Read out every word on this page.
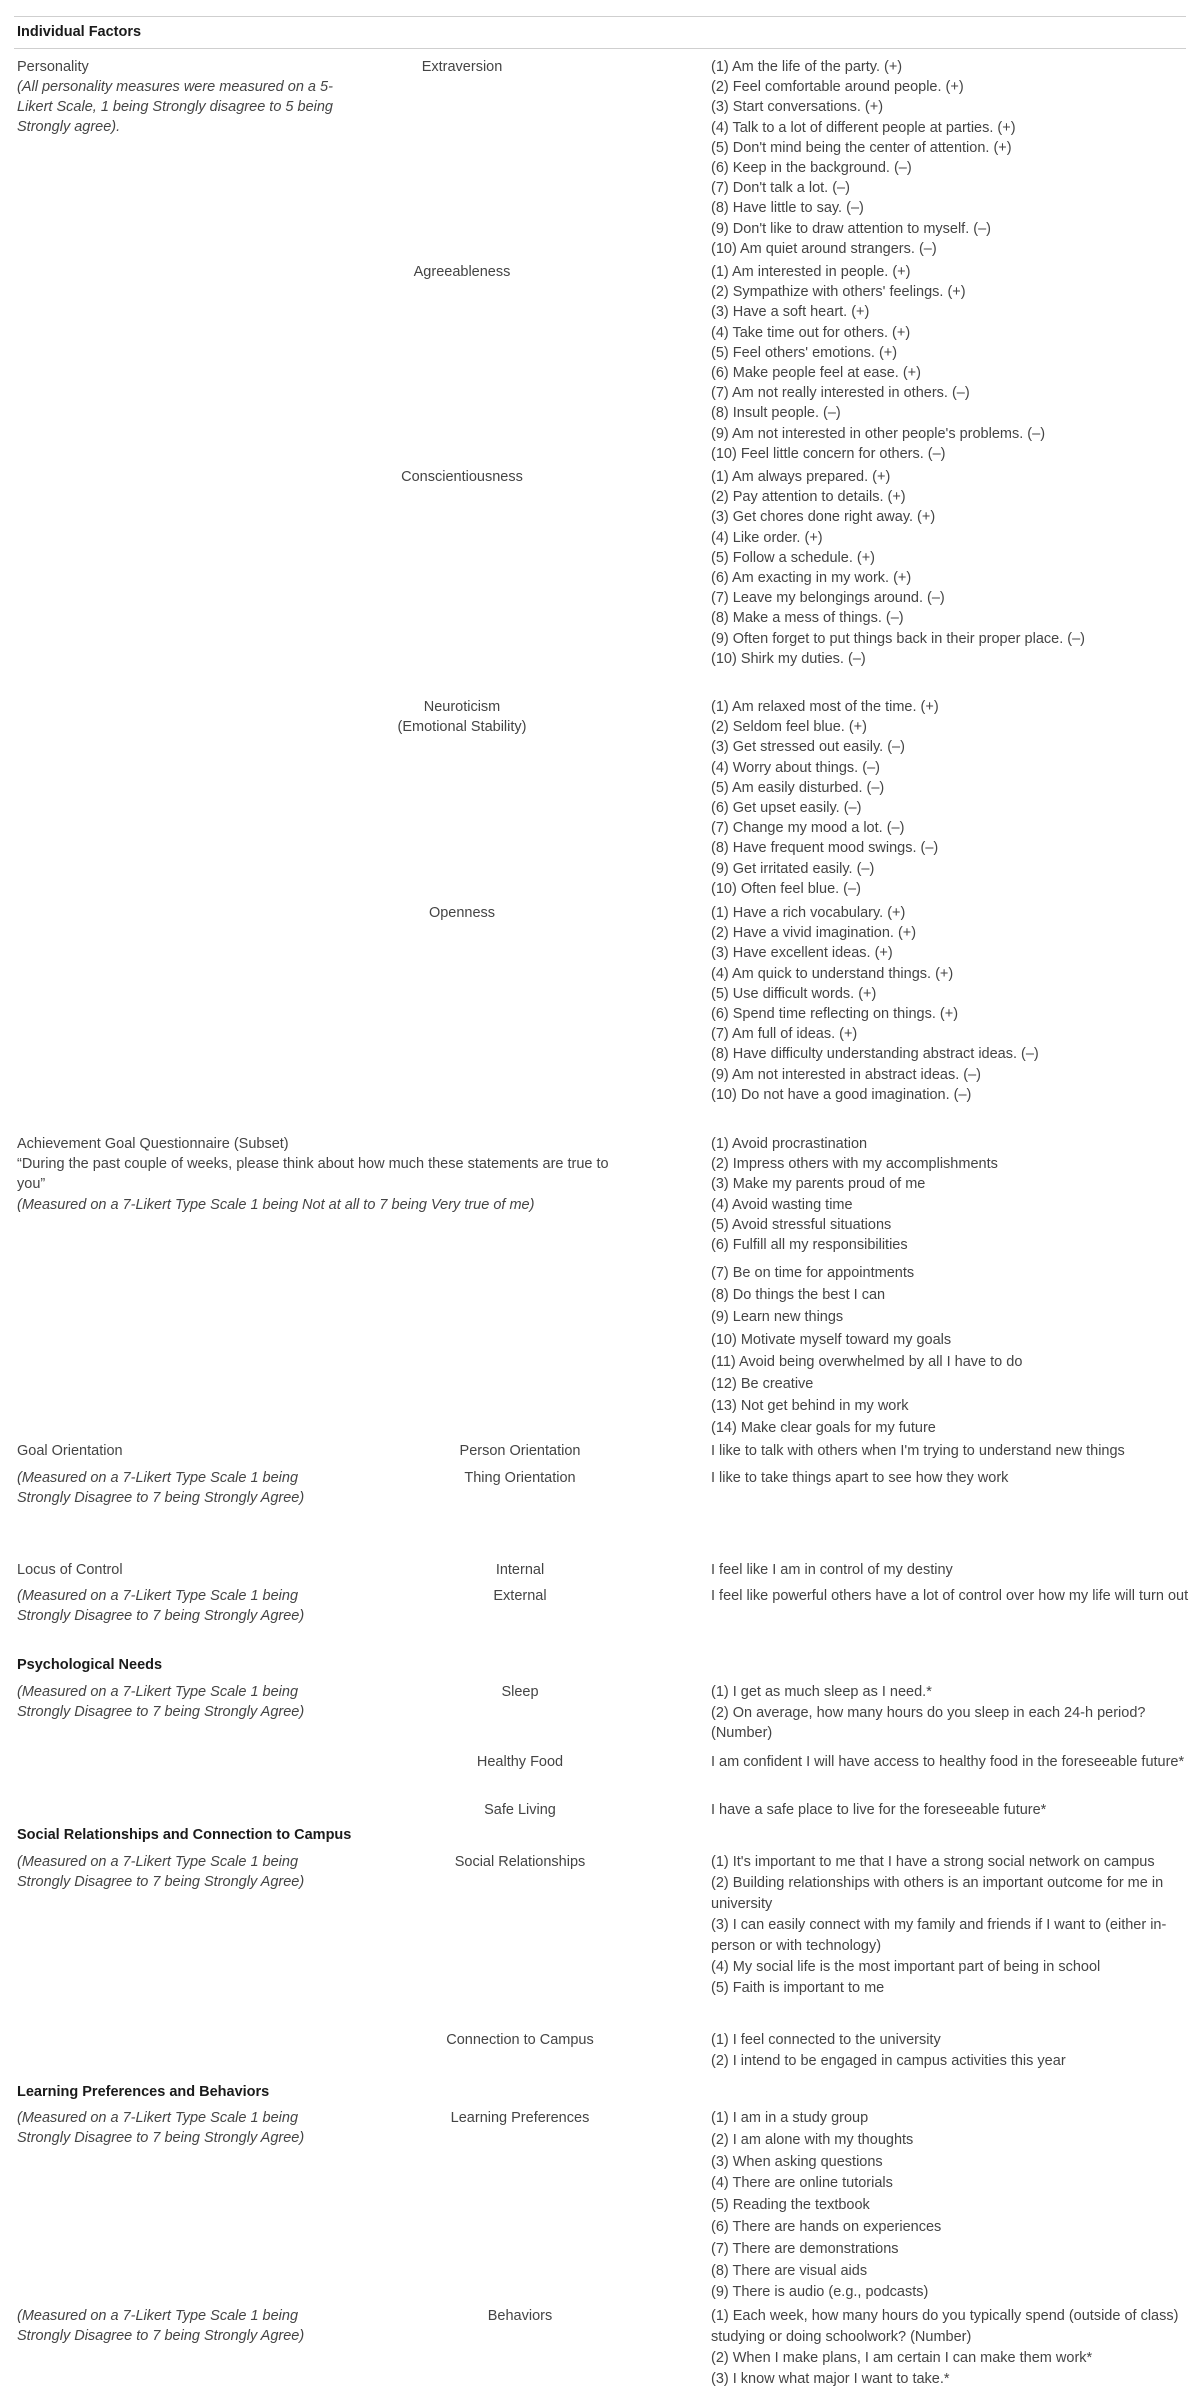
Individual Factors
Personality
(All personality measures were measured on a 5-Likert Scale, 1 being Strongly disagree to 5 being Strongly agree).
Extraversion	(1) Am the life of the party. (+)
(2) Feel comfortable around people. (+)
(3) Start conversations. (+)
(4) Talk to a lot of different people at parties. (+)
(5) Don't mind being the center of attention. (+)
(6) Keep in the background. (–)
(7) Don't talk a lot. (–)
(8) Have little to say. (–)
(9) Don't like to draw attention to myself. (–)
(10) Am quiet around strangers. (–)
Agreeableness	(1) Am interested in people. (+)
(2) Sympathize with others' feelings. (+)
(3) Have a soft heart. (+)
(4) Take time out for others. (+)
(5) Feel others' emotions. (+)
(6) Make people feel at ease. (+)
(7) Am not really interested in others. (–)
(8) Insult people. (–)
(9) Am not interested in other people's problems. (–)
(10) Feel little concern for others. (–)
Conscientiousness	(1) Am always prepared. (+)
(2) Pay attention to details. (+)
(3) Get chores done right away. (+)
(4) Like order. (+)
(5) Follow a schedule. (+)
(6) Am exacting in my work. (+)
(7) Leave my belongings around. (–)
(8) Make a mess of things. (–)
(9) Often forget to put things back in their proper place. (–)
(10) Shirk my duties. (–)
Neuroticism
(Emotional Stability)
(1) Am relaxed most of the time. (+)
(2) Seldom feel blue. (+)
(3) Get stressed out easily. (–)
(4) Worry about things. (–)
(5) Am easily disturbed. (–)
(6) Get upset easily. (–)
(7) Change my mood a lot. (–)
(8) Have frequent mood swings. (–)
(9) Get irritated easily. (–)
(10) Often feel blue. (–)
Openness	(1) Have a rich vocabulary. (+)
(2) Have a vivid imagination. (+)
(3) Have excellent ideas. (+)
(4) Am quick to understand things. (+)
(5) Use difficult words. (+)
(6) Spend time reflecting on things. (+)
(7) Am full of ideas. (+)
(8) Have difficulty understanding abstract ideas. (–)
(9) Am not interested in abstract ideas. (–)
(10) Do not have a good imagination. (–)
Achievement Goal Questionnaire (Subset)
“During the past couple of weeks, please think about how much these statements are true to you”
(Measured on a 7-Likert Type Scale 1 being Not at all to 7 being Very true of me)
(1) Avoid procrastination
(2) Impress others with my accomplishments
(3) Make my parents proud of me
(4) Avoid wasting time
(5) Avoid stressful situations
(6) Fulfill all my responsibilities
(7) Be on time for appointments
(8) Do things the best I can
(9) Learn new things
(10) Motivate myself toward my goals
(11) Avoid being overwhelmed by all I have to do
(12) Be creative
(13) Not get behind in my work
(14) Make clear goals for my future
Goal Orientation
(Measured on a 7-Likert Type Scale 1 being Strongly Disagree to 7 being Strongly Agree)
Person Orientation	I like to talk with others when I'm trying to understand new things
Thing Orientation	I like to take things apart to see how they work
Locus of Control
(Measured on a 7-Likert Type Scale 1 being Strongly Disagree to 7 being Strongly Agree)
Internal	I feel like I am in control of my destiny
External	I feel like powerful others have a lot of control over how my life will turn out
Psychological Needs
(Measured on a 7-Likert Type Scale 1 being Strongly Disagree to 7 being Strongly Agree)
Sleep	(1) I get as much sleep as I need.*
(2) On average, how many hours do you sleep in each 24-h period? (Number)
Healthy Food	I am confident I will have access to healthy food in the foreseeable future*
Safe Living	I have a safe place to live for the foreseeable future*
Social Relationships and Connection to Campus
(Measured on a 7-Likert Type Scale 1 being Strongly Disagree to 7 being Strongly Agree)
Social Relationships	(1) It's important to me that I have a strong social network on campus
(2) Building relationships with others is an important outcome for me in university
(3) I can easily connect with my family and friends if I want to (either in-person or with technology)
(4) My social life is the most important part of being in school
(5) Faith is important to me
Connection to Campus	(1) I feel connected to the university
(2) I intend to be engaged in campus activities this year
Learning Preferences and Behaviors
(Measured on a 7-Likert Type Scale 1 being Strongly Disagree to 7 being Strongly Agree)
Learning Preferences	(1) I am in a study group
(2) I am alone with my thoughts
(3) When asking questions
(4) There are online tutorials
(5) Reading the textbook
(6) There are hands on experiences
(7) There are demonstrations
(8) There are visual aids
(9) There is audio (e.g., podcasts)
(Measured on a 7-Likert Type Scale 1 being Strongly Disagree to 7 being Strongly Agree)
Behaviors	(1) Each week, how many hours do you typically spend (outside of class) studying or doing schoolwork? (Number)
(2) When I make plans, I am certain I can make them work*
(3) I know what major I want to take.*
